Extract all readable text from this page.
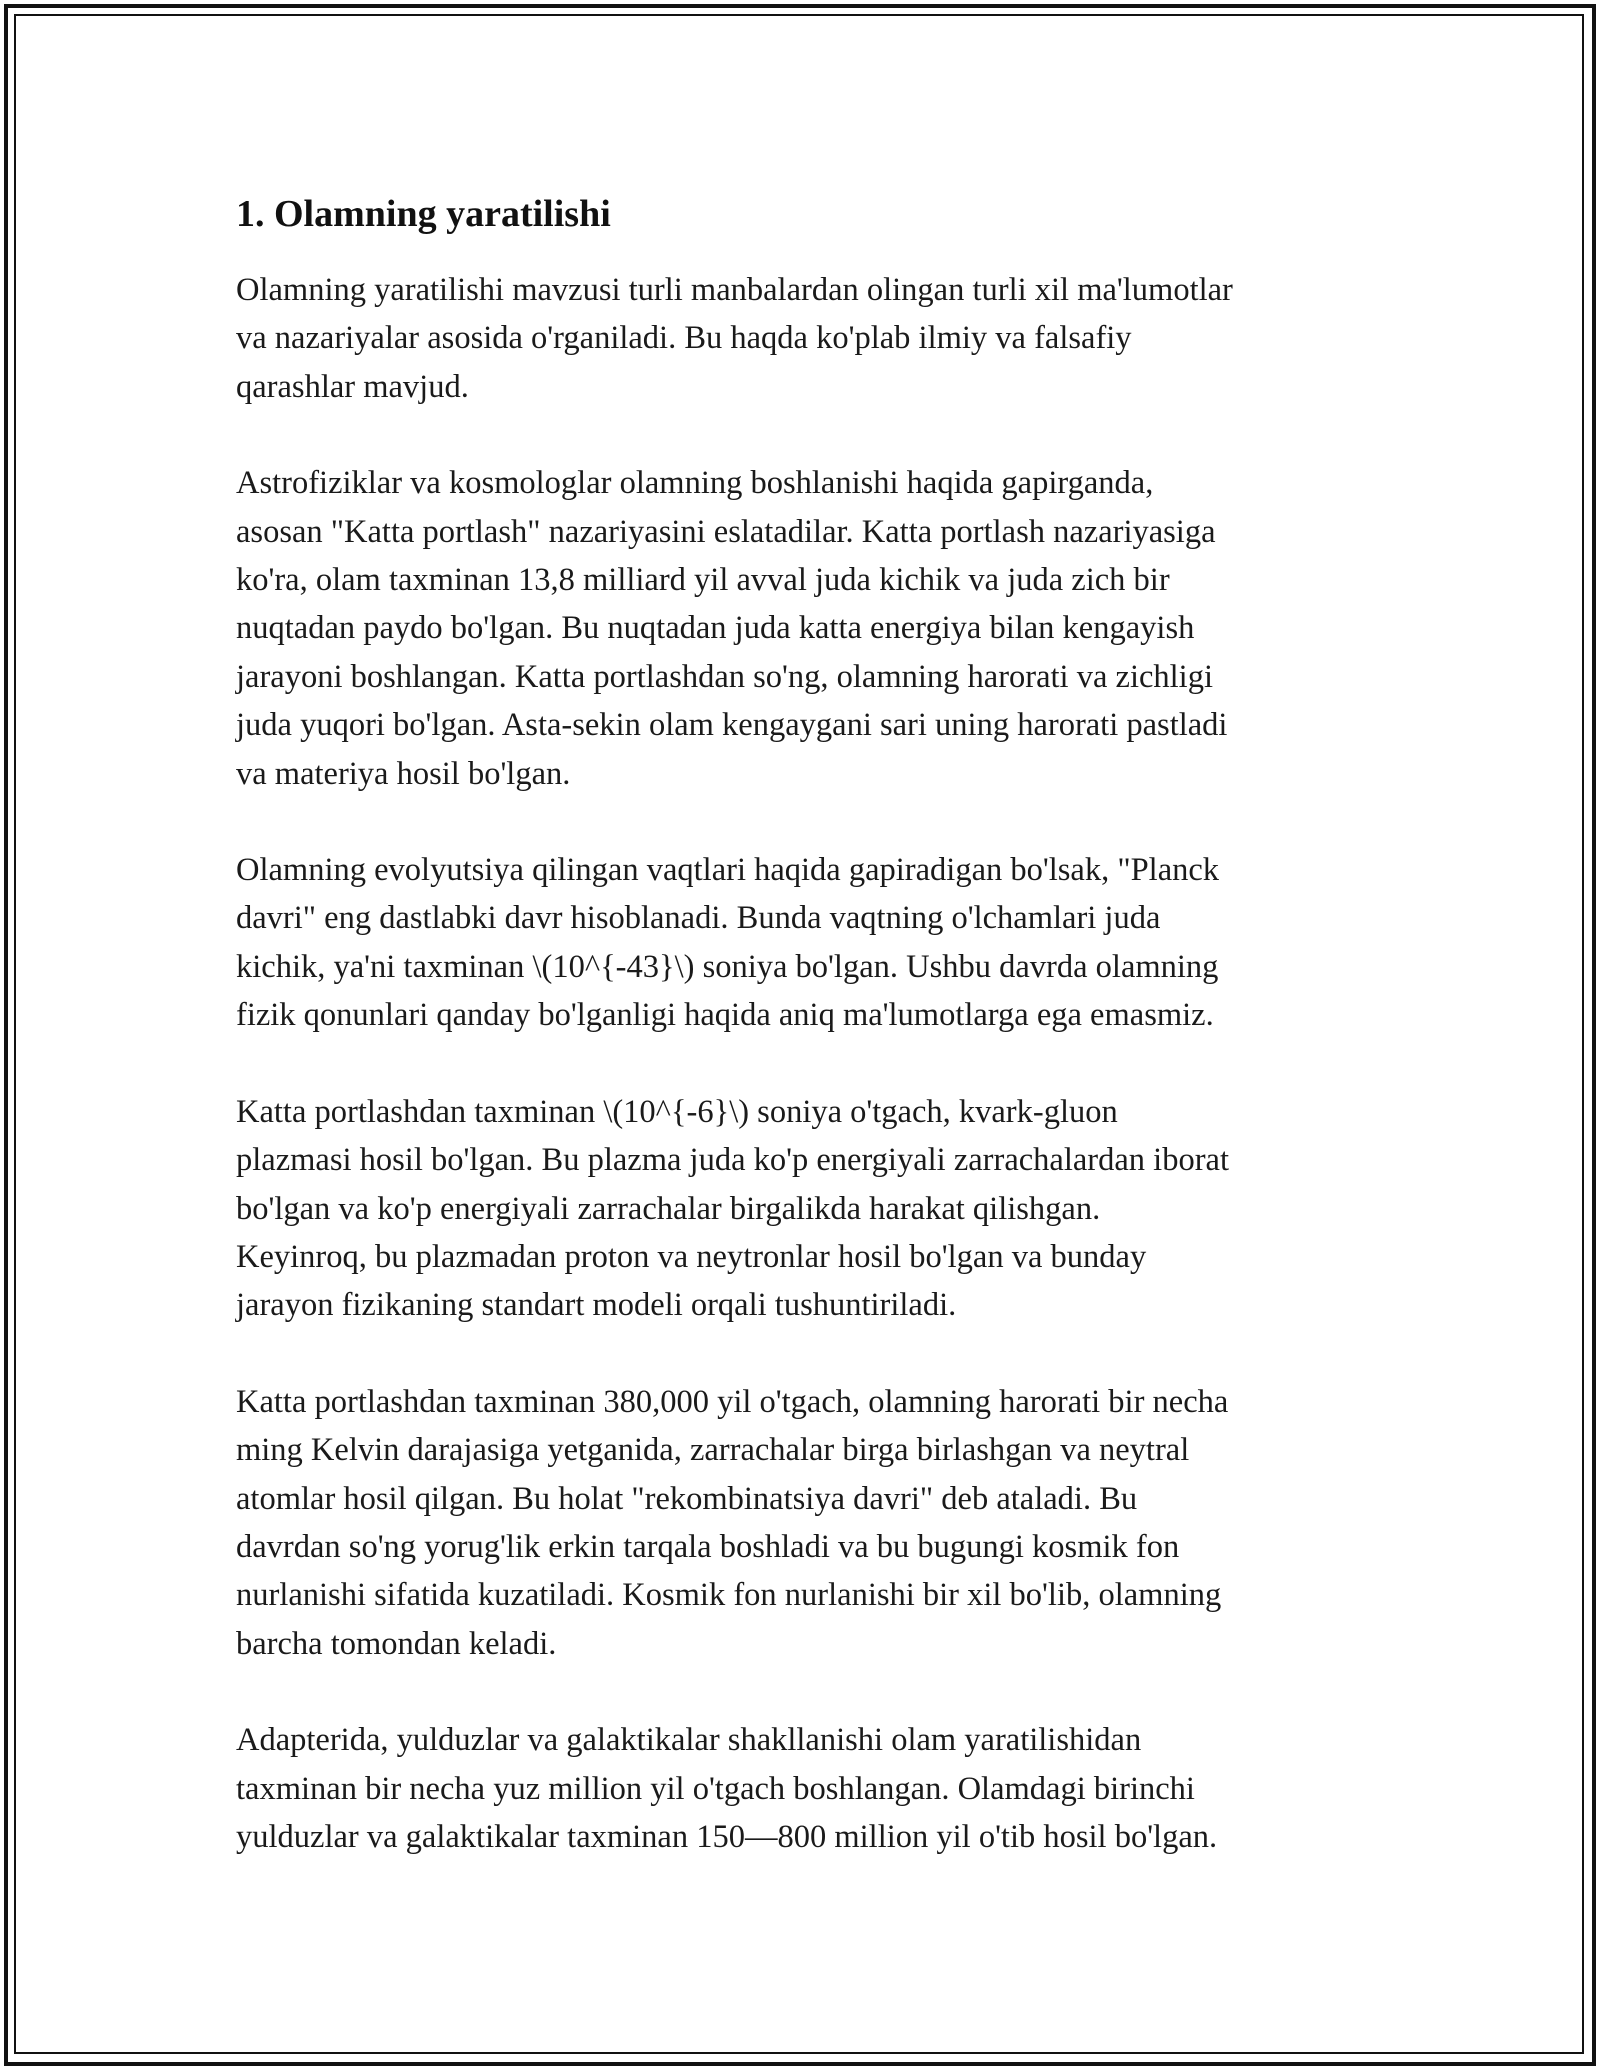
1. Olamning yaratilishi
Olamning yaratilishi mavzusi turli manbalardan olingan turli xil ma'lumotlar
va nazariyalar asosida o'rganiladi. Bu haqda ko'plab ilmiy va falsafiy
qarashlar mavjud.
Astrofiziklar va kosmologlar olamning boshlanishi haqida gapirganda,
asosan "Katta portlash" nazariyasini eslatadilar. Katta portlash nazariyasiga
ko'ra, olam taxminan 13,8 milliard yil avval juda kichik va juda zich bir
nuqtadan paydo bo'lgan. Bu nuqtadan juda katta energiya bilan kengayish
jarayoni boshlangan. Katta portlashdan so'ng, olamning harorati va zichligi
juda yuqori bo'lgan. Asta-sekin olam kengaygani sari uning harorati pastladi
va materiya hosil bo'lgan.
Olamning evolyutsiya qilingan vaqtlari haqida gapiradigan bo'lsak, "Planck
davri" eng dastlabki davr hisoblanadi. Bunda vaqtning o'lchamlari juda
kichik, ya'ni taxminan \(10^{-43}\) soniya bo'lgan. Ushbu davrda olamning
fizik qonunlari qanday bo'lganligi haqida aniq ma'lumotlarga ega emasmiz.
Katta portlashdan taxminan \(10^{-6}\) soniya o'tgach, kvark-gluon
plazmasi hosil bo'lgan. Bu plazma juda ko'p energiyali zarrachalardan iborat
bo'lgan va ko'p energiyali zarrachalar birgalikda harakat qilishgan.
Keyinroq, bu plazmadan proton va neytronlar hosil bo'lgan va bunday
jarayon fizikaning standart modeli orqali tushuntiriladi.
Katta portlashdan taxminan 380,000 yil o'tgach, olamning harorati bir necha
ming Kelvin darajasiga yetganida, zarrachalar birga birlashgan va neytral
atomlar hosil qilgan. Bu holat "rekombinatsiya davri" deb ataladi. Bu
davrdan so'ng yorug'lik erkin tarqala boshladi va bu bugungi kosmik fon
nurlanishi sifatida kuzatiladi. Kosmik fon nurlanishi bir xil bo'lib, olamning
barcha tomondan keladi.
Adapterida, yulduzlar va galaktikalar shakllanishi olam yaratilishidan
taxminan bir necha yuz million yil o'tgach boshlangan. Olamdagi birinchi
yulduzlar va galaktikalar taxminan 150—800 million yil o'tib hosil bo'lgan.
